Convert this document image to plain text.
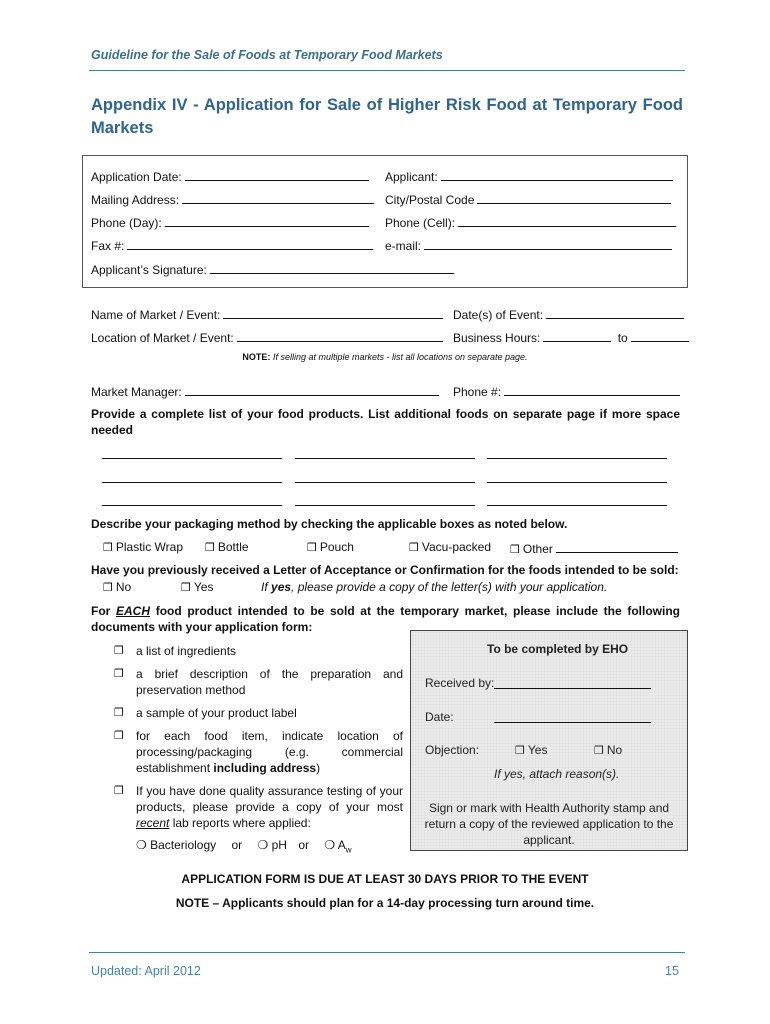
Guideline for the Sale of Foods at Temporary Food Markets
Appendix IV - Application for Sale of Higher Risk Food at Temporary Food Markets
Application Date:	Applicant:
Mailing Address:	City/Postal Code
Phone (Day):	Phone (Cell):
Fax #:	e-mail:
Applicant’s Signature:
Name of Market / Event:	Date(s) of Event:
Location of Market / Event:	Business Hours:	to
NOTE: If selling at multiple markets - list all locations on separate page.
Market Manager:	Phone #:
Provide a complete list of your food products. List additional foods on separate page if more space needed
Describe your packaging method by checking the applicable boxes as noted below.
❒ Plastic Wrap ❒ Bottle	❒ Pouch	❒ Vacu-packed ❒ Other
Have you previously received a Letter of Acceptance or Confirmation for the foods intended to be sold:
❒ No	❒ Yes	If yes, please provide a copy of the letter(s) with your application.
For EACH food product intended to be sold at the temporary market, please include the following documents with your application form:
❒ a list of ingredients
❒ a brief description of the preparation and preservation method
❒ a sample of your product label
❒ for each food item, indicate location of processing/packaging (e.g. commercial establishment including address)
❒ If you have done quality assurance testing of your products, please provide a copy of your most recent lab reports where applied:
❍ Bacteriology or ❍ pH or ❍ $A_w$
To be completed by EHO
Received by:
Date:
Objection:	❒ Yes	❒ No
If yes, attach reason(s).
Sign or mark with Health Authority stamp and return a copy of the reviewed application to the applicant.
APPLICATION FORM IS DUE AT LEAST 30 DAYS PRIOR TO THE EVENT
NOTE – Applicants should plan for a 14-day processing turn around time.
Updated: April 2012	15
